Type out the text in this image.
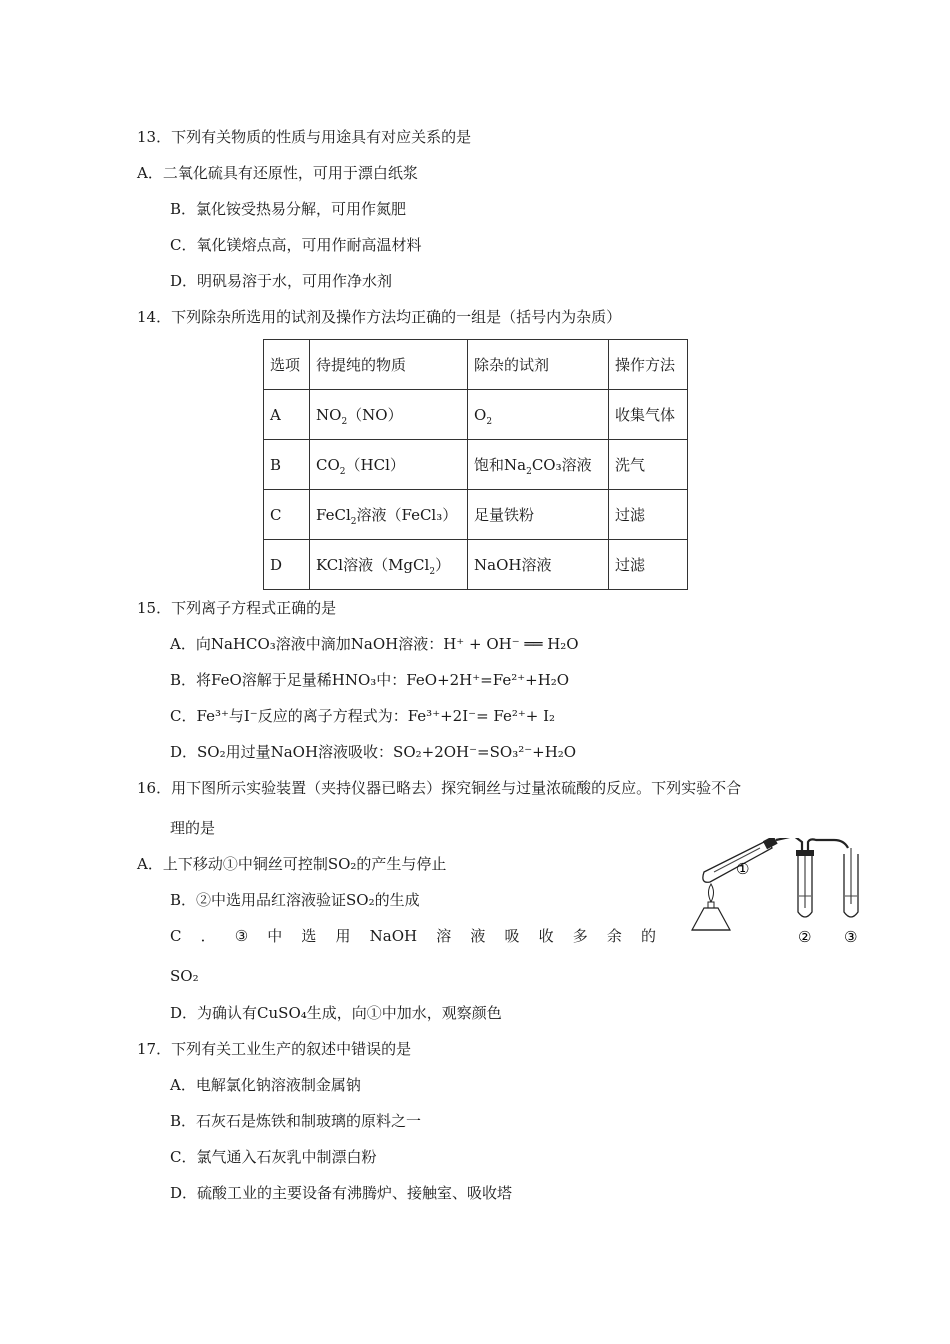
13．下列有关物质的性质与用途具有对应关系的是
A．二氧化硫具有还原性，可用于漂白纸浆
B．氯化铵受热易分解，可用作氮肥
C．氧化镁熔点高，可用作耐高温材料
D．明矾易溶于水，可用作净水剂
14．下列除杂所选用的试剂及操作方法均正确的一组是（括号内为杂质）
选项	待提纯的物质	除杂的试剂	操作方法
A	$NO_2(NO)$	$O_2$	收集气体
B	$CO_2(HCl)$	饱和$Na_2CO_3$溶液	洗气
C	FeCl$_2$溶液（FeCl₃）	足量铁粉	过滤
D	KCl溶液（MgCl$_2$）	NaOH溶液	过滤
15．下列离子方程式正确的是
A．向NaHCO₃溶液中滴加NaOH溶液：H⁺ + OH⁻ ══ H₂O
B．将FeO溶解于足量稀HNO₃中：FeO+2H⁺=Fe²⁺+H₂O
C．Fe³⁺与I⁻反应的离子方程式为：Fe³⁺+2I⁻= Fe²⁺+ I₂
D．SO₂用过量NaOH溶液吸收：SO₂+2OH⁻=SO₃²⁻+H₂O
16．用下图所示实验装置（夹持仪器已略去）探究铜丝与过量浓硫酸的反应。下列实验不合
理的是
A．上下移动①中铜丝可控制SO₂的产生与停止
B．②中选用品红溶液验证SO₂的生成
C ． ③ 中 选 用 NaOH 溶 液 吸 收 多 余 的
SO₂
D．为确认有CuSO₄生成，向①中加水，观察颜色
①
② ③
17．下列有关工业生产的叙述中错误的是
A．电解氯化钠溶液制金属钠
B．石灰石是炼铁和制玻璃的原料之一
C．氯气通入石灰乳中制漂白粉
D．硫酸工业的主要设备有沸腾炉、接触室、吸收塔
